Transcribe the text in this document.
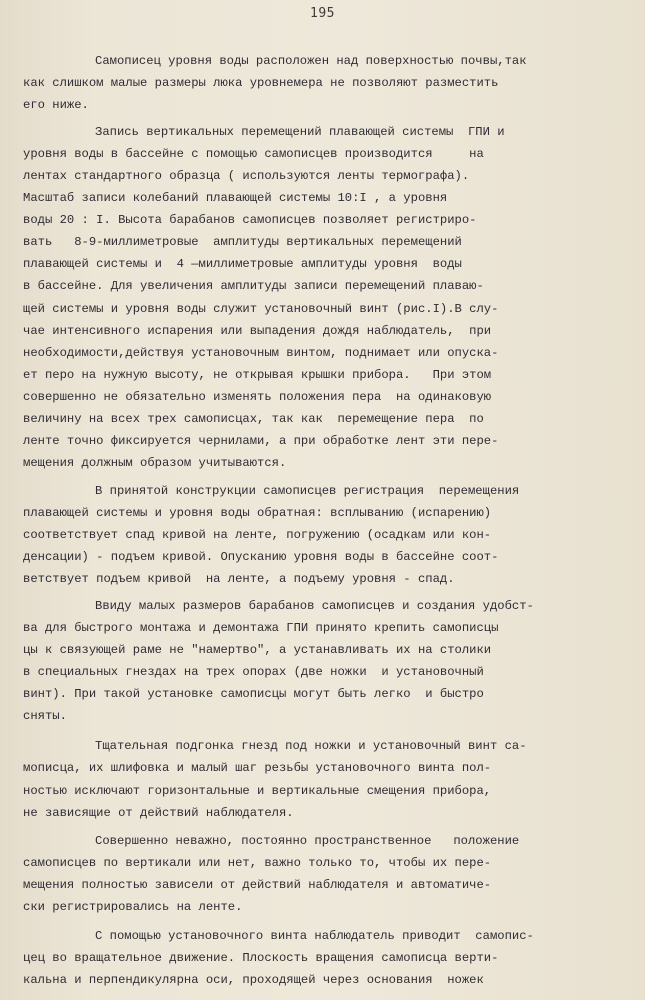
195
Самописец уровня воды расположен над поверхностью почвы,так
как слишком малые размеры люка уровнемера не позволяют разместить
его ниже.
Запись вертикальных перемещений плавающей системы  ГПИ и
уровня воды в бассейне с помощью самописцев производится     на
лентах стандартного образца ( используются ленты термографа).
Масштаб записи колебаний плавающей системы 10:I , а уровня
воды 20 : I. Высота барабанов самописцев позволяет регистриро-
вать   8-9-миллиметровые  амплитуды вертикальных перемещений
плавающей системы и  4 —миллиметровые амплитуды уровня  воды
в бассейне. Для увеличения амплитуды записи перемещений плаваю-
щей системы и уровня воды служит установочный винт (рис.I).В слу-
чае интенсивного испарения или выпадения дождя наблюдатель,  при
необходимости,действуя установочным винтом, поднимает или опуска-
ет перо на нужную высоту, не открывая крышки прибора.   При этом
совершенно не обязательно изменять положения пера  на одинаковую
величину на всех трех самописцах, так как  перемещение пера  по
ленте точно фиксируется чернилами, а при обработке лент эти пере-
мещения должным образом учитываются.
В принятой конструкции самописцев регистрация  перемещения
плавающей системы и уровня воды обратная: всплыванию (испарению)
соответствует спад кривой на ленте, погружению (осадкам или кон-
денсации) - подъем кривой. Опусканию уровня воды в бассейне соот-
ветствует подъем кривой  на ленте, а подъему уровня - спад.
Ввиду малых размеров барабанов самописцев и создания удобст-
ва для быстрого монтажа и демонтажа ГПИ принято крепить самописцы
цы к связующей раме не "намертво", а устанавливать их на столики
в специальных гнездах на трех опорах (две ножки  и установочный
винт). При такой установке самописцы могут быть легко  и быстро
сняты.
Тщательная подгонка гнезд под ножки и установочный винт са-
мописца, их шлифовка и малый шаг резьбы установочного винта пол-
ностью исключают горизонтальные и вертикальные смещения прибора,
не зависящие от действий наблюдателя.
Совершенно неважно, постоянно пространственное   положение
самописцев по вертикали или нет, важно только то, чтобы их пере-
мещения полностью зависели от действий наблюдателя и автоматиче-
ски регистрировались на ленте.
С помощью установочного винта наблюдатель приводит  самопис-
цец во вращательное движение. Плоскость вращения самописца верти-
кальна и перпендикулярна оси, проходящей через основания  ножек
